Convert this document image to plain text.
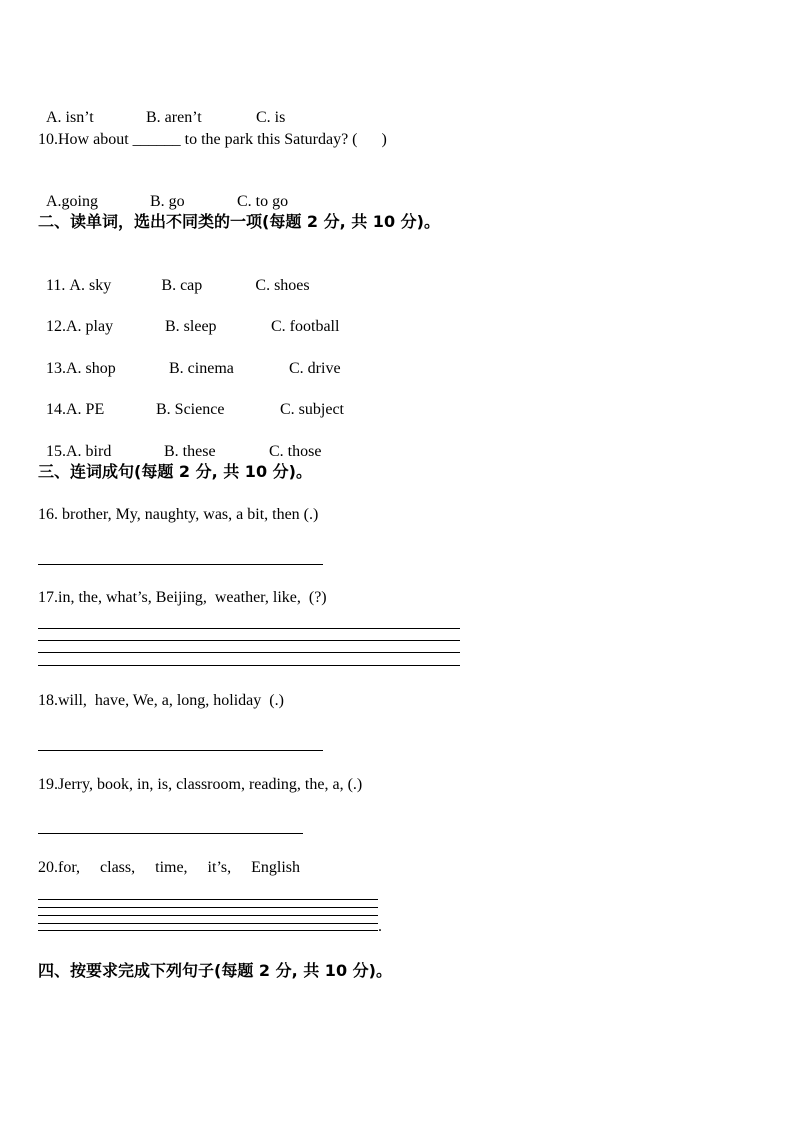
A. isn’t	B. aren’t	C. is

10.How about ______ to the park this Saturday? (      )

A.going	B. go	C. to go

二、读单词，选出不同类的一项(每题 2 分, 共 10 分)。

11. A. sky	B. cap	C. shoes

12.A. play	B. sleep	C. football

13.A. shop	B. cinema	C. drive

14.A. PE	B. Science	C. subject

15.A. bird	B. these	C. those

三、连词成句(每题 2 分, 共 10 分)。
16. brother, My, naughty, was, a bit, then (.)
17.in, the, what’s, Beijing,  weather, like,  (?)
18.will,  have, We, a, long, holiday  (.)
19.Jerry, book, in, is, classroom, reading, the, a, (.)
20.for,     class,     time,     it’s,     English
.
四、按要求完成下列句子(每题 2 分, 共 10 分)。
